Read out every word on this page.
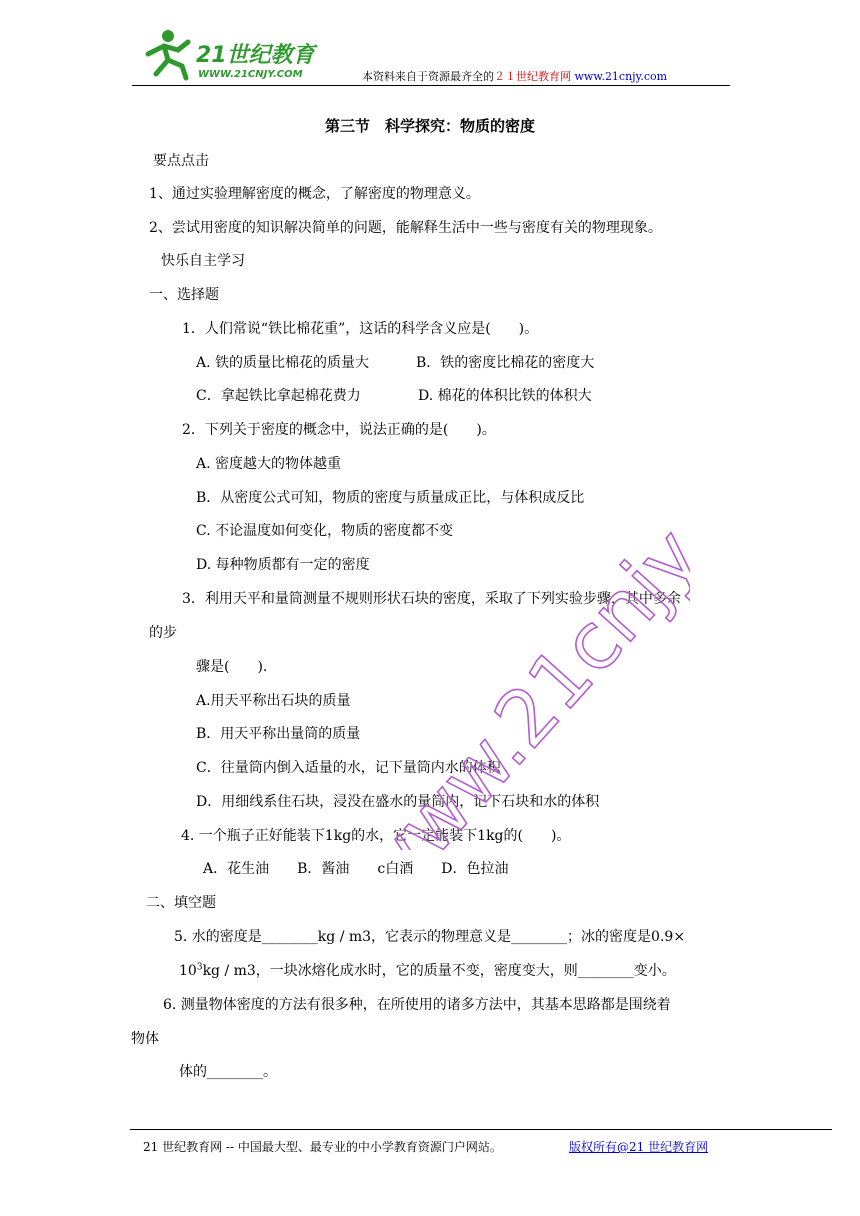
21世纪教育
WWW.21CNJY.COM	本资料来自于资源最齐全的２１世纪教育网 www.21cnjy.com
第三节　科学探究：物质的密度
要点点击
1、通过实验理解密度的概念，了解密度的物理意义。
2、尝试用密度的知识解决简单的问题，能解释生活中一些与密度有关的物理现象。
快乐自主学习
一、选择题
1．人们常说“铁比棉花重”，这话的科学含义应是(　　)。
A. 铁的质量比棉花的质量大	B．铁的密度比棉花的密度大
C．拿起铁比拿起棉花费力	D. 棉花的体积比铁的体积大
2．下列关于密度的概念中，说法正确的是(　　)。
A. 密度越大的物体越重
B．从密度公式可知，物质的密度与质量成正比，与体积成反比
C. 不论温度如何变化，物质的密度都不变
D. 每种物质都有一定的密度
3．利用天平和量筒测量不规则形状石块的密度，采取了下列实验步骤，其中多余
的步
骤是(　　).
A.用天平称出石块的质量
B．用天平称出量筒的质量
C．往量筒内倒入适量的水，记下量筒内水的体积
D．用细线系住石块，浸没在盛水的量筒内，记下石块和水的体积
4. 一个瓶子正好能装下1kg的水，它一定能装下1kg的(　　)。
A．花生油　　B．酱油　　c白酒　　D．色拉油
二、填空题
5. 水的密度是________kg / m3，它表示的物理意义是________；冰的密度是0.9×
$10^3kg / m3$，一块冰熔化成水时，它的质量不变，密度变大，则________变小。
6. 测量物体密度的方法有很多种，在所使用的诸多方法中，其基本思路都是围绕着
物体
体的________。
www.21cnjy.com
21 世纪教育网 -- 中国最大型、最专业的中小学教育资源门户网站。	版权所有@21 世纪教育网
